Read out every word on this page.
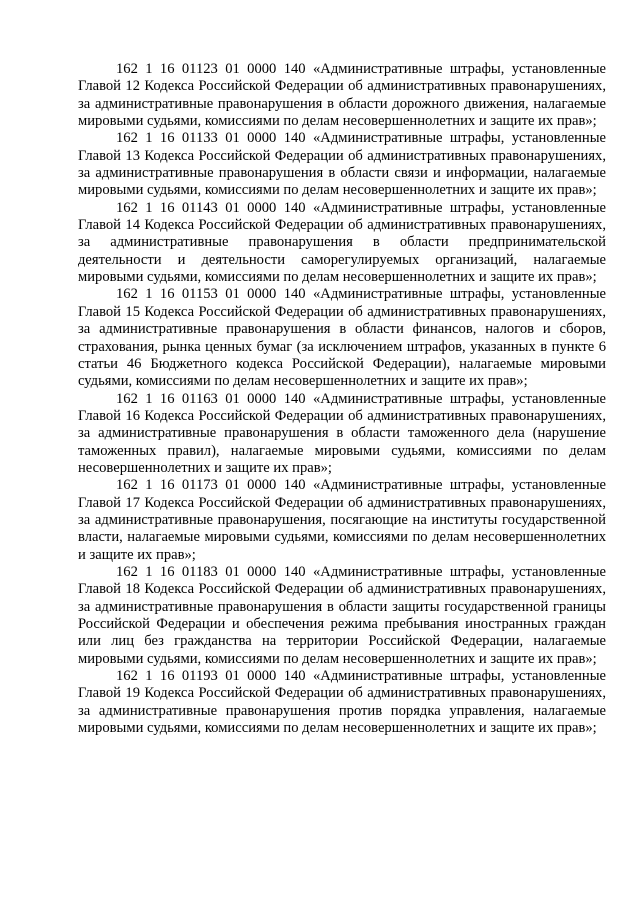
162 1 16 01123 01 0000 140 «Административные штрафы, установленные Главой 12 Кодекса Российской Федерации об административных правонарушениях, за административные правонарушения в области дорожного движения, налагаемые мировыми судьями, комиссиями по делам несовершеннолетних и защите их прав»;

162 1 16 01133 01 0000 140 «Административные штрафы, установленные Главой 13 Кодекса Российской Федерации об административных правонарушениях, за административные правонарушения в области связи и информации, налагаемые мировыми судьями, комиссиями по делам несовершеннолетних и защите их прав»;

162 1 16 01143 01 0000 140 «Административные штрафы, установленные Главой 14 Кодекса Российской Федерации об административных правонарушениях, за административные правонарушения в области предпринимательской деятельности и деятельности саморегулируемых организаций, налагаемые мировыми судьями, комиссиями по делам несовершеннолетних и защите их прав»;

162 1 16 01153 01 0000 140 «Административные штрафы, установленные Главой 15 Кодекса Российской Федерации об административных правонарушениях, за административные правонарушения в области финансов, налогов и сборов, страхования, рынка ценных бумаг (за исключением штрафов, указанных в пункте 6 статьи 46 Бюджетного кодекса Российской Федерации), налагаемые мировыми судьями, комиссиями по делам несовершеннолетних и защите их прав»;

162 1 16 01163 01 0000 140 «Административные штрафы, установленные Главой 16 Кодекса Российской Федерации об административных правонарушениях, за административные правонарушения в области таможенного дела (нарушение таможенных правил), налагаемые мировыми судьями, комиссиями по делам несовершеннолетних и защите их прав»;

162 1 16 01173 01 0000 140 «Административные штрафы, установленные Главой 17 Кодекса Российской Федерации об административных правонарушениях, за административные правонарушения, посягающие на институты государственной власти, налагаемые мировыми судьями, комиссиями по делам несовершеннолетних и защите их прав»;

162 1 16 01183 01 0000 140 «Административные штрафы, установленные Главой 18 Кодекса Российской Федерации об административных правонарушениях, за административные правонарушения в области защиты государственной границы Российской Федерации и обеспечения режима пребывания иностранных граждан или лиц без гражданства на территории Российской Федерации, налагаемые мировыми судьями, комиссиями по делам несовершеннолетних и защите их прав»;

162 1 16 01193 01 0000 140 «Административные штрафы, установленные Главой 19 Кодекса Российской Федерации об административных правонарушениях, за административные правонарушения против порядка управления, налагаемые мировыми судьями, комиссиями по делам несовершеннолетних и защите их прав»;
